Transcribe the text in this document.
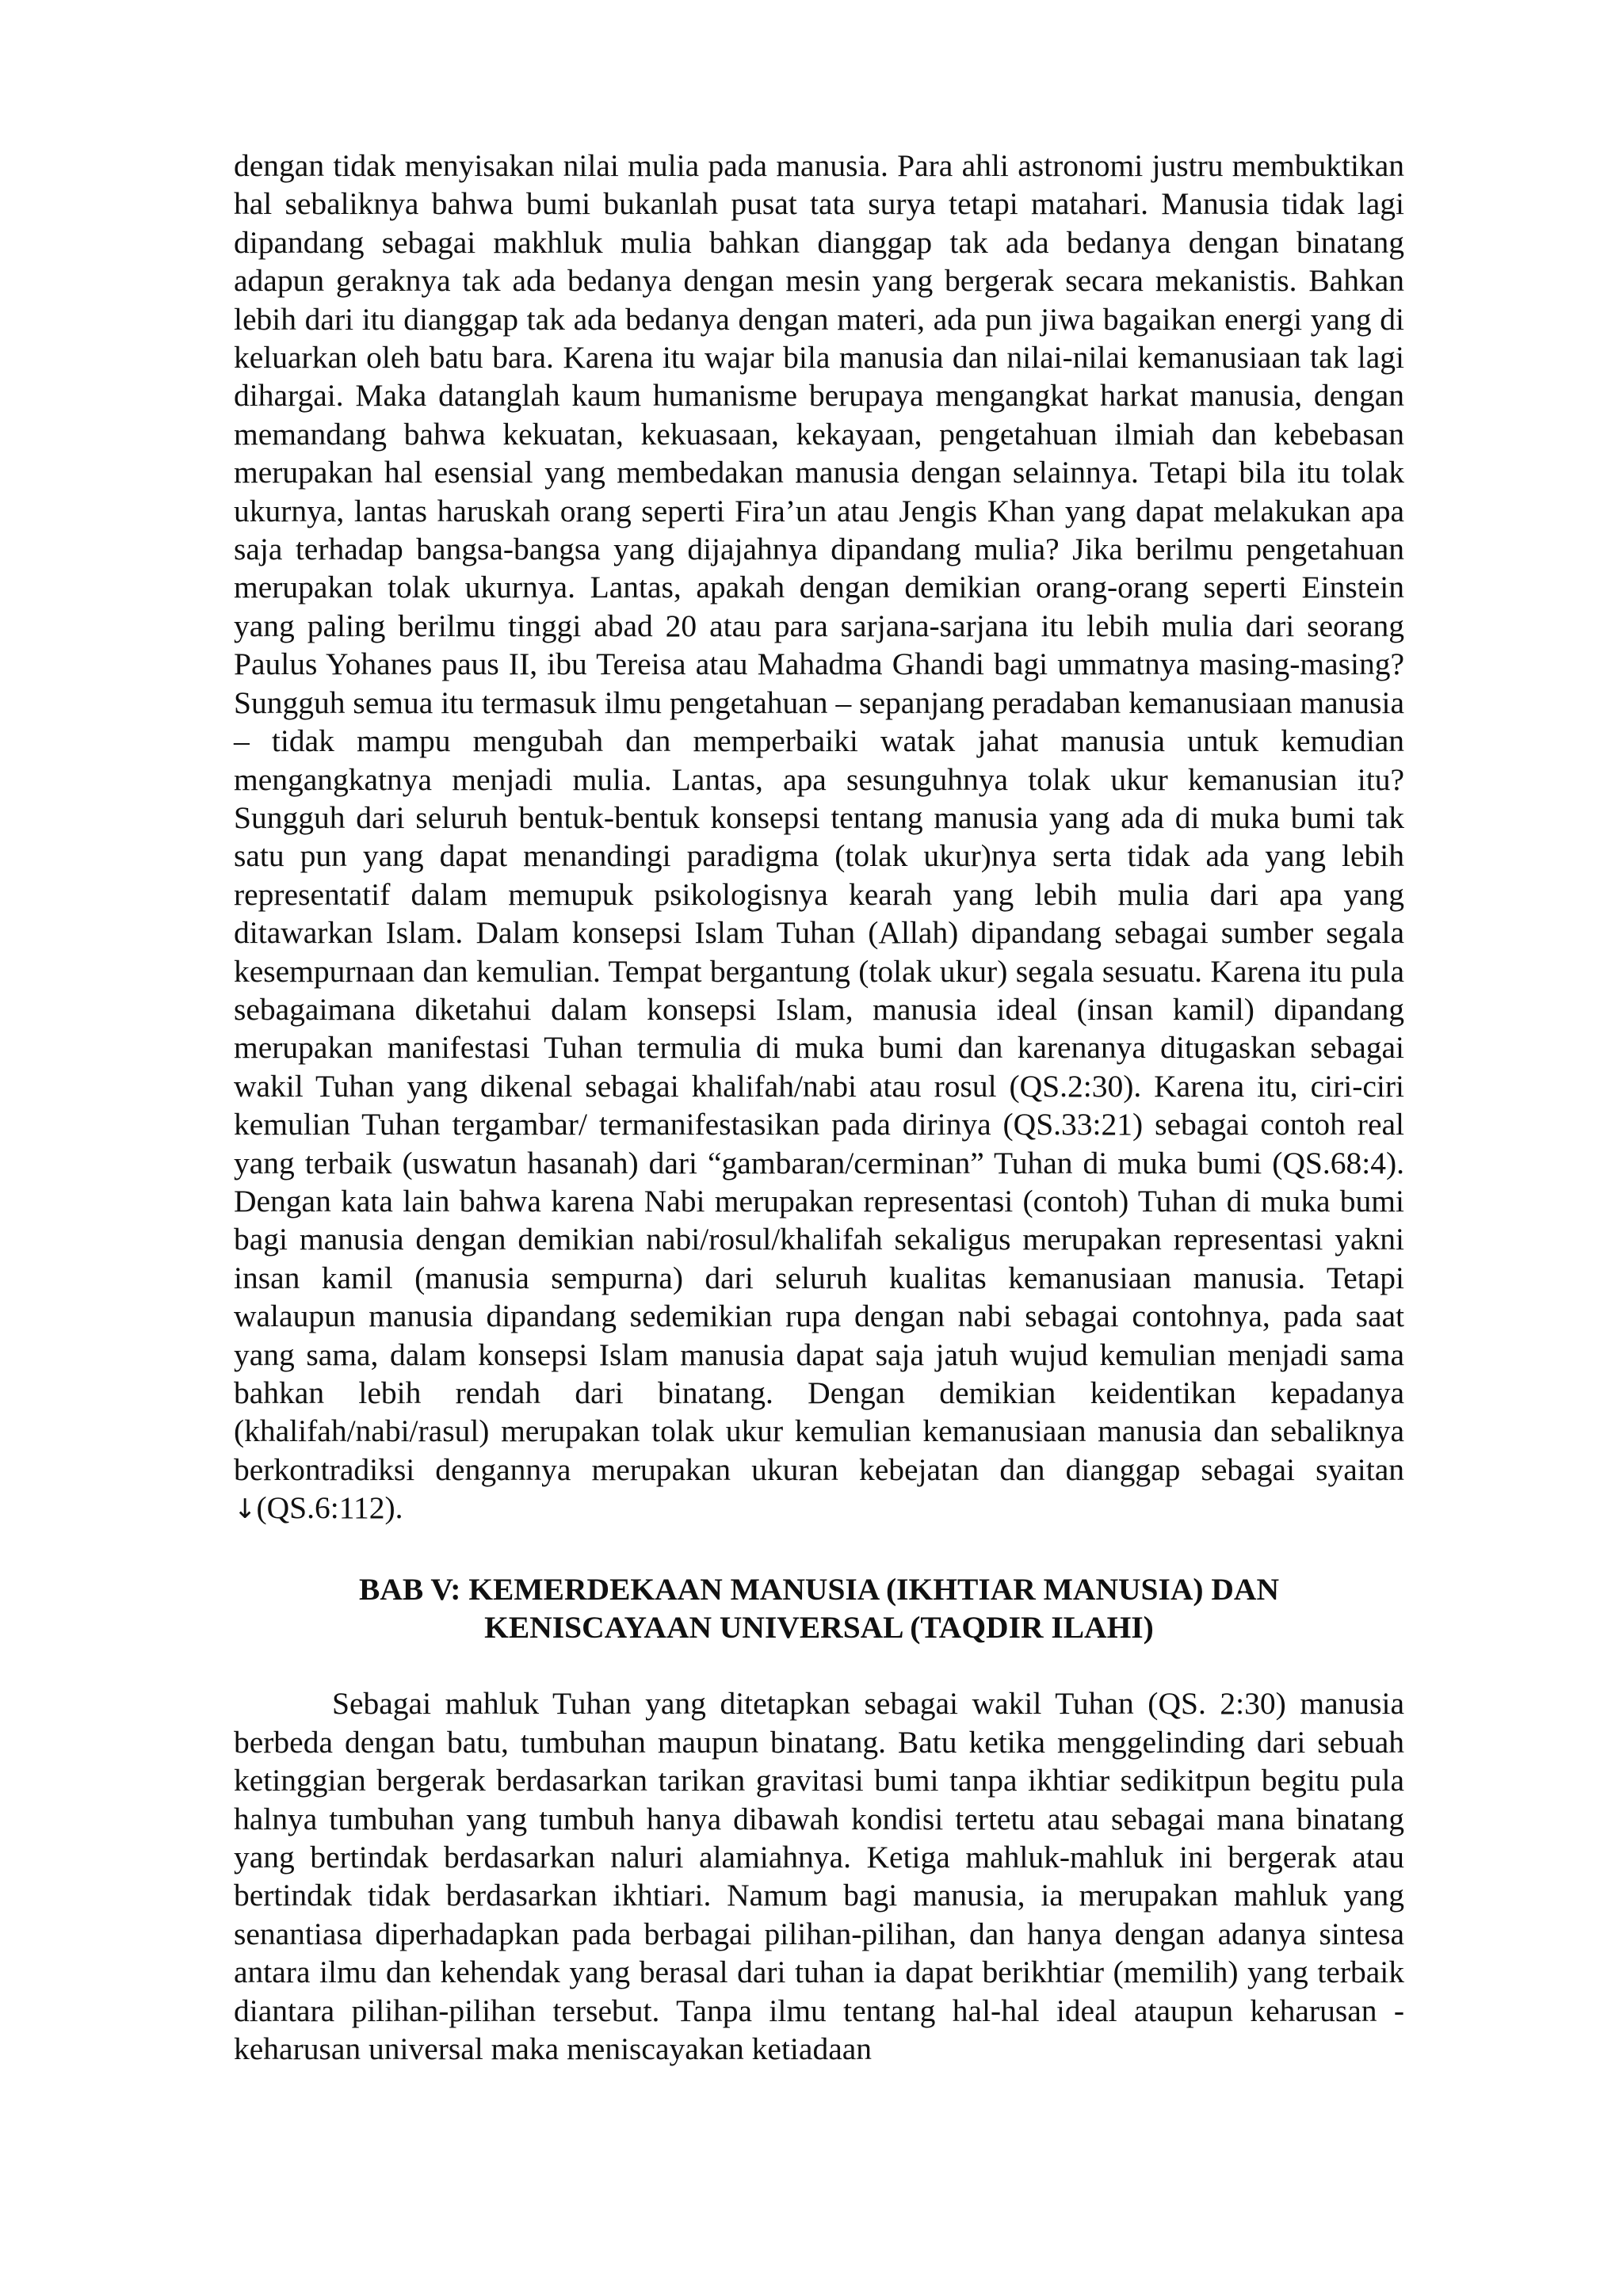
dengan tidak menyisakan nilai mulia pada manusia. Para ahli astronomi justru membuktikan hal sebaliknya bahwa bumi bukanlah pusat tata surya tetapi matahari. Manusia tidak lagi dipandang sebagai makhluk mulia bahkan dianggap tak ada bedanya dengan binatang adapun geraknya tak ada bedanya dengan mesin yang bergerak secara mekanistis. Bahkan lebih dari itu dianggap tak ada bedanya dengan materi, ada pun jiwa bagaikan energi yang di keluarkan oleh batu bara. Karena itu wajar bila manusia dan nilai-nilai kemanusiaan tak lagi dihargai. Maka datanglah kaum humanisme berupaya mengangkat harkat manusia, dengan memandang bahwa kekuatan, kekuasaan, kekayaan, pengetahuan ilmiah dan kebebasan merupakan hal esensial yang membedakan manusia dengan selainnya. Tetapi bila itu tolak ukurnya, lantas haruskah orang seperti Fira’un atau Jengis Khan yang dapat melakukan apa saja terhadap bangsa-bangsa yang dijajahnya dipandang mulia? Jika berilmu pengetahuan merupakan tolak ukurnya. Lantas, apakah dengan demikian orang-orang seperti Einstein yang paling berilmu tinggi abad 20 atau para sarjana-sarjana itu lebih mulia dari seorang Paulus Yohanes paus II, ibu Tereisa atau Mahadma Ghandi bagi ummatnya masing-masing? Sungguh semua itu termasuk ilmu pengetahuan – sepanjang peradaban kemanusiaan manusia – tidak mampu mengubah dan memperbaiki watak jahat manusia untuk kemudian mengangkatnya menjadi mulia. Lantas, apa sesunguhnya tolak ukur kemanusian itu? Sungguh dari seluruh bentuk-bentuk konsepsi tentang manusia yang ada di muka bumi tak satu pun yang dapat menandingi paradigma (tolak ukur)nya serta tidak ada yang lebih representatif dalam memupuk psikologisnya kearah yang lebih mulia dari apa yang ditawarkan Islam. Dalam konsepsi Islam Tuhan (Allah) dipandang sebagai sumber segala kesempurnaan dan kemulian. Tempat bergantung (tolak ukur) segala sesuatu. Karena itu pula sebagaimana diketahui dalam konsepsi Islam, manusia ideal (insan kamil) dipandang merupakan manifestasi Tuhan termulia di muka bumi dan karenanya ditugaskan sebagai wakil Tuhan yang dikenal sebagai khalifah/nabi atau rosul (QS.2:30). Karena itu, ciri-ciri kemulian Tuhan tergambar/ termanifestasikan pada dirinya (QS.33:21) sebagai contoh real yang terbaik (uswatun hasanah) dari “gambaran/cerminan” Tuhan di muka bumi (QS.68:4). Dengan kata lain bahwa karena Nabi merupakan representasi (contoh) Tuhan di muka bumi bagi manusia dengan demikian nabi/rosul/khalifah sekaligus merupakan representasi yakni insan kamil (manusia sempurna) dari seluruh kualitas kemanusiaan manusia. Tetapi walaupun manusia dipandang sedemikian rupa dengan nabi sebagai contohnya, pada saat yang sama, dalam konsepsi Islam manusia dapat saja jatuh wujud kemulian menjadi sama bahkan lebih rendah dari binatang. Dengan demikian keidentikan kepadanya (khalifah/nabi/rasul) merupakan tolak ukur kemulian kemanusiaan manusia dan sebaliknya berkontradiksi dengannya merupakan ukuran kebejatan dan dianggap sebagai syaitan ↓(QS.6:112).

BAB V: KEMERDEKAAN MANUSIA (IKHTIAR MANUSIA) DAN
KENISCAYAAN UNIVERSAL (TAQDIR ILAHI)

Sebagai mahluk Tuhan yang ditetapkan sebagai wakil Tuhan (QS. 2:30) manusia berbeda dengan batu, tumbuhan maupun binatang. Batu ketika menggelinding dari sebuah ketinggian bergerak berdasarkan tarikan gravitasi bumi tanpa ikhtiar sedikitpun begitu pula halnya tumbuhan yang tumbuh hanya dibawah kondisi tertetu atau sebagai mana binatang yang bertindak berdasarkan naluri alamiahnya. Ketiga mahluk-mahluk ini bergerak atau bertindak tidak berdasarkan ikhtiari. Namum bagi manusia, ia merupakan mahluk yang senantiasa diperhadapkan pada berbagai pilihan-pilihan, dan hanya dengan adanya sintesa antara ilmu dan kehendak yang berasal dari tuhan ia dapat berikhtiar (memilih) yang terbaik diantara pilihan-pilihan tersebut. Tanpa ilmu tentang hal-hal ideal ataupun keharusan - keharusan universal maka meniscayakan ketiadaan
